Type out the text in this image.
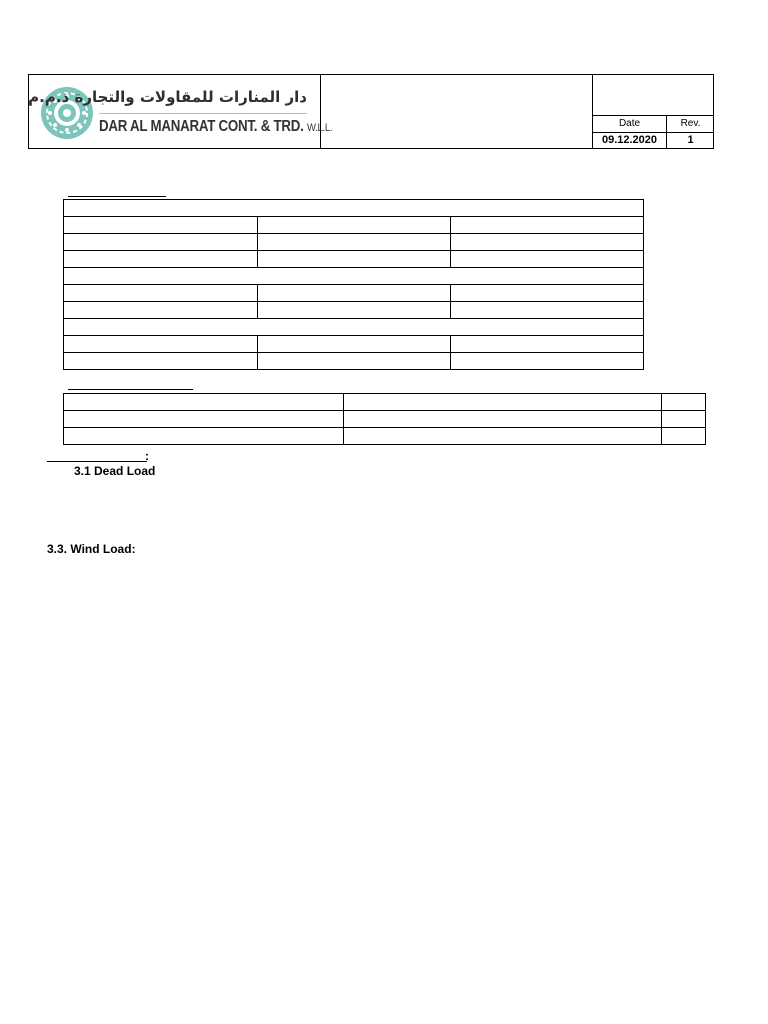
دار المنارات للمقاولات والتجارة ذ.م.م
DAR AL MANARAT CONT. & TRD. W.L.L.	Date	Rev.
09.12.2020	1

:
3.1 Dead Load
3.3. Wind Load:
